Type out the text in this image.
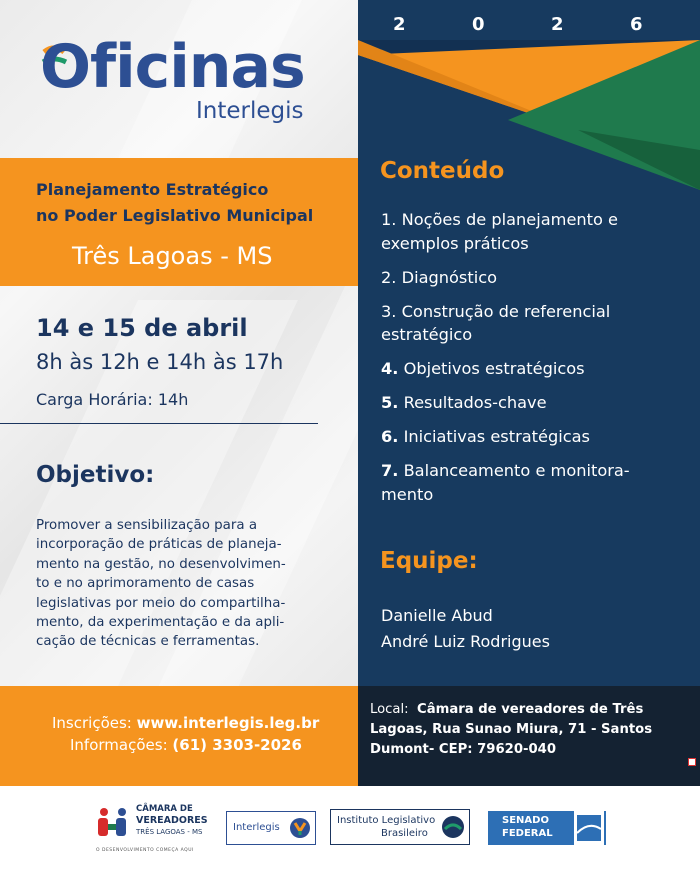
2	0	2	6
Oficinas
Interlegis
Planejamento Estratégico
no Poder Legislativo Municipal
Três Lagoas - MS
14 e 15 de abril
8h às 12h e 14h às 17h
Carga Horária: 14h
Objetivo:
Promover a sensibilização para a
incorporação de práticas de planeja-
mento na gestão, no desenvolvimen-
to e no aprimoramento de casas
legislativas por meio do compartilha-
mento, da experimentação e da apli-
cação de técnicas e ferramentas.
Conteúdo
1. Noções de planejamento e
exemplos práticos
2. Diagnóstico
3. Construção de referencial
estratégico
4. Objetivos estratégicos
5. Resultados-chave
6. Iniciativas estratégicas
7. Balanceamento e monitora-
mento
Equipe:
Danielle Abud
André Luiz Rodrigues
Inscrições: www.interlegis.leg.br
Informações: (61) 3303-2026
Local: Câmara de vereadores de Três
Lagoas, Rua Sunao Miura, 71 - Santos
Dumont- CEP: 79620-040
CÂMARA DE
VEREADORES
TRÊS LAGOAS - MS
O DESENVOLVIMENTO COMEÇA AQUI
Interlegis
Instituto Legislativo
Brasileiro
SENADO
FEDERAL
